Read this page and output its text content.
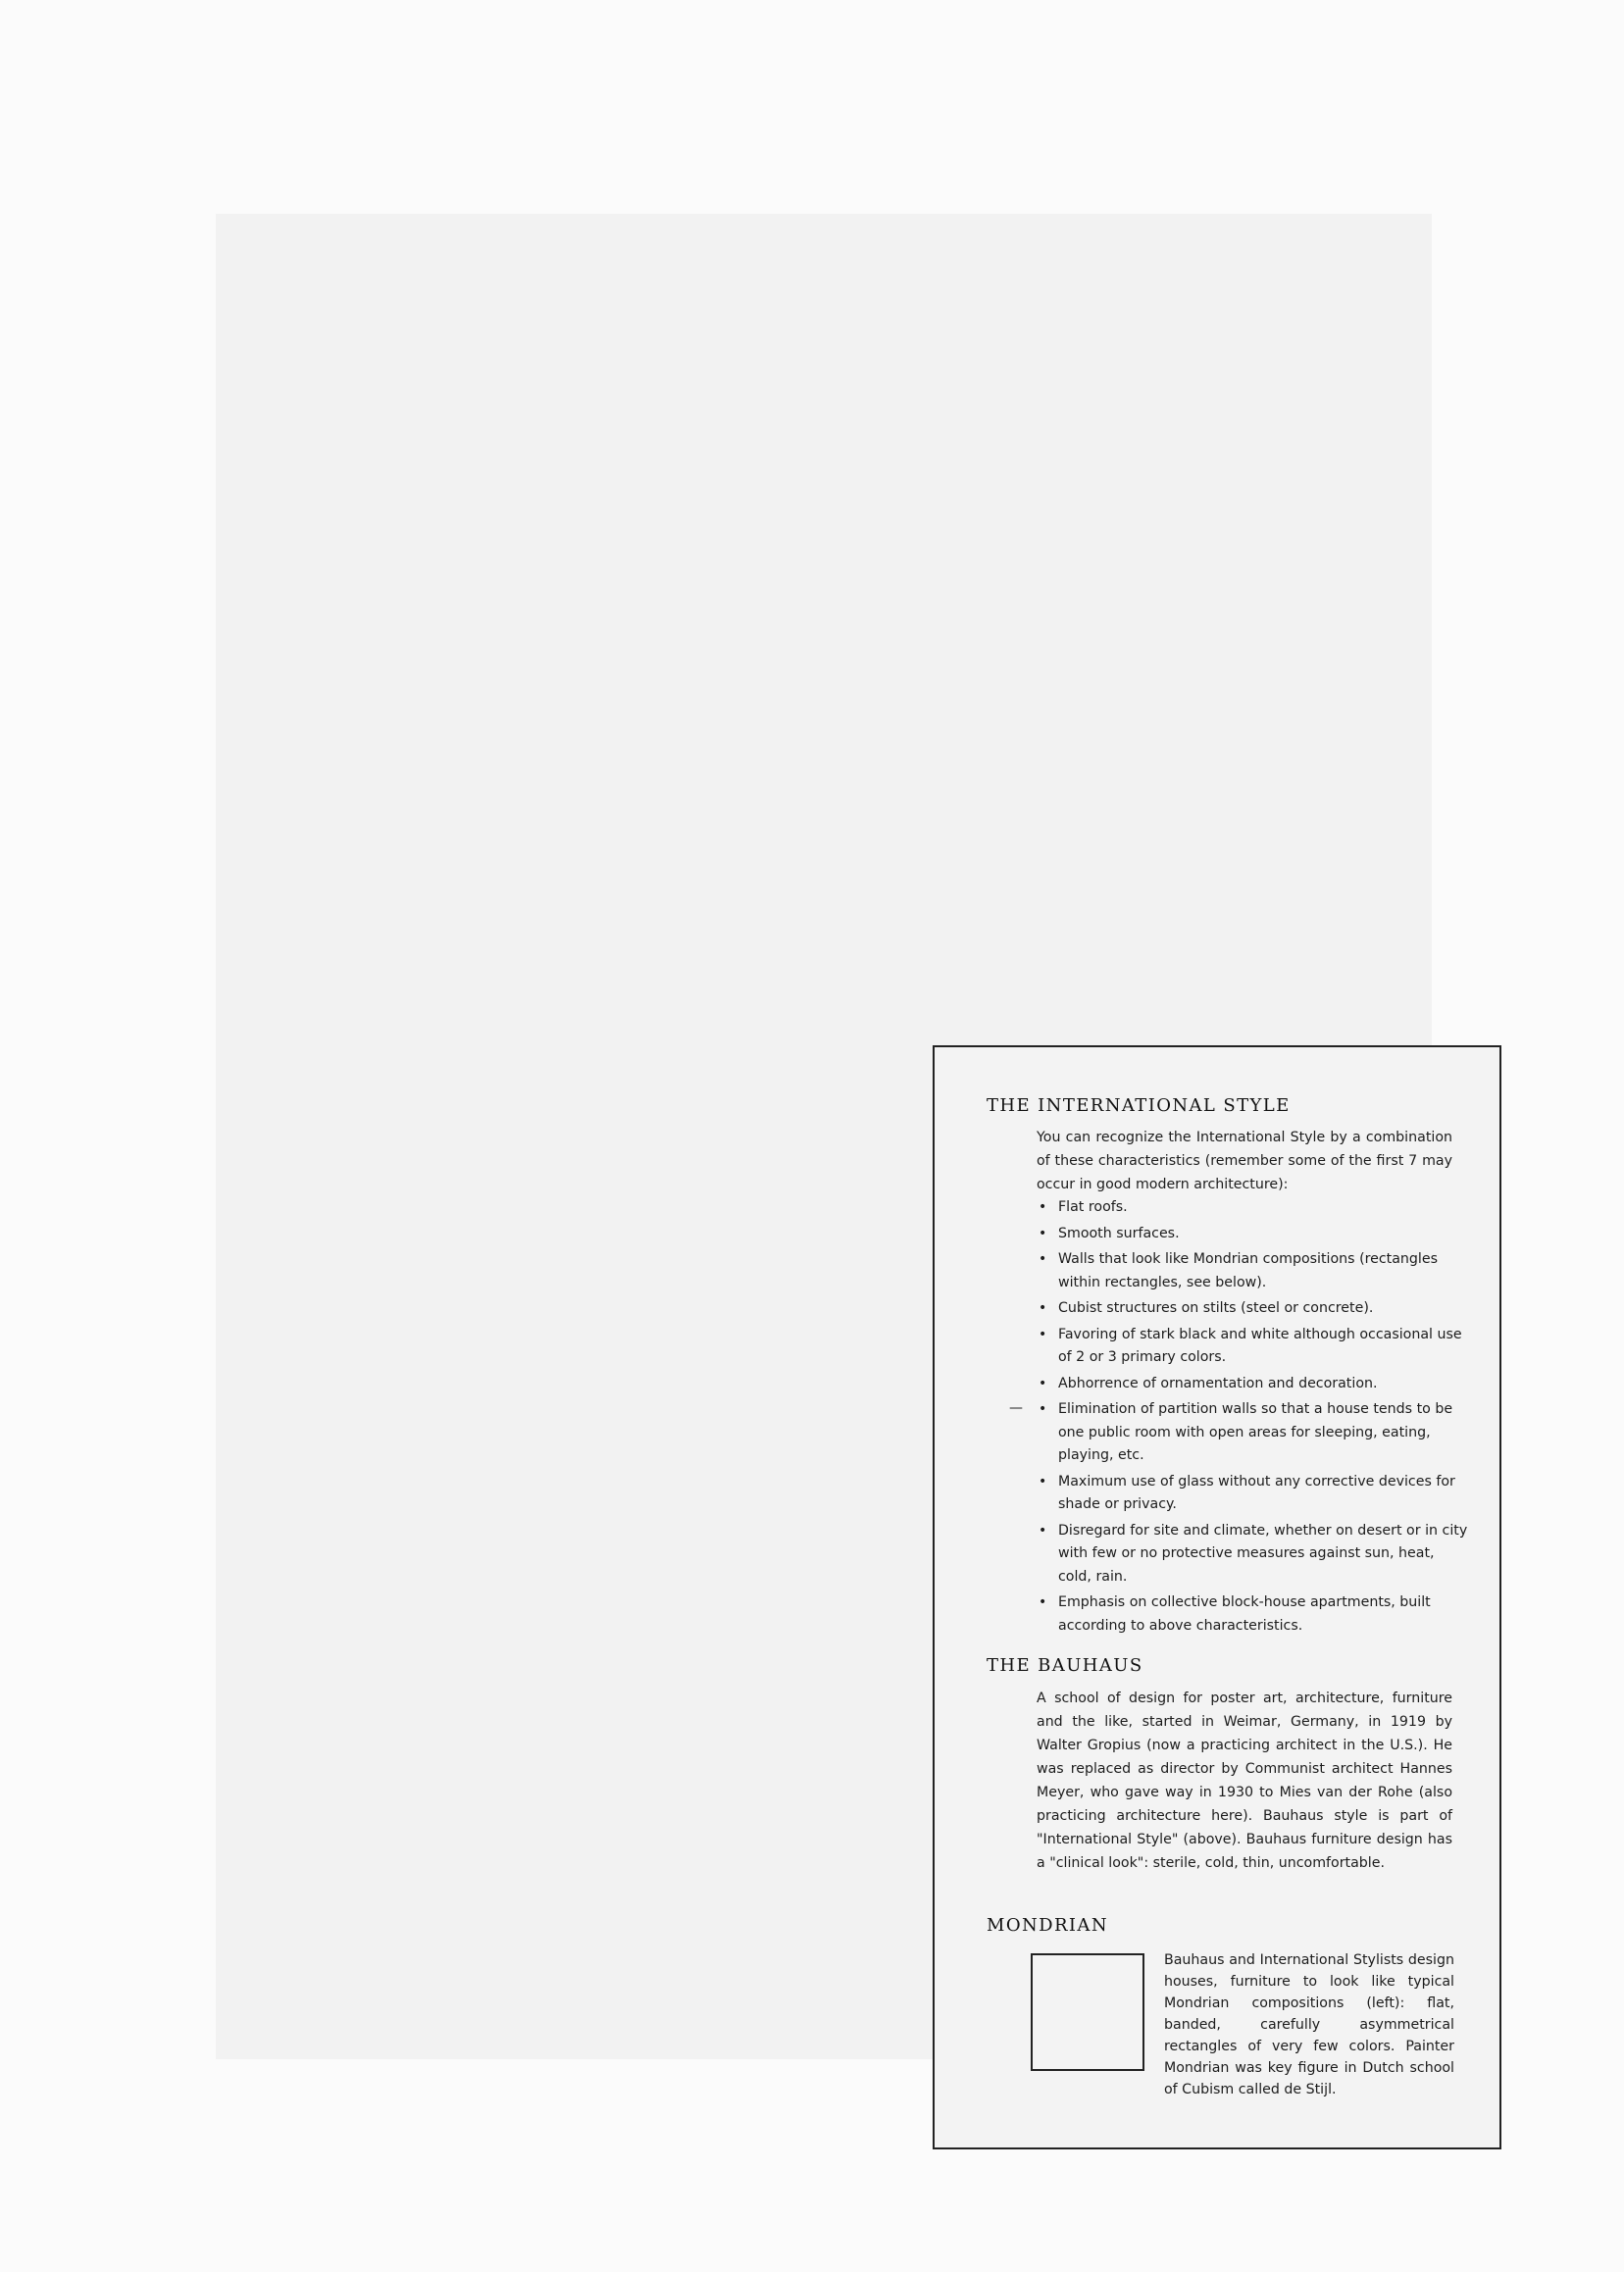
THE INTERNATIONAL STYLE

You can recognize the International Style by a combination of these characteristics (remember some of the first 7 may occur in good modern architecture):

• Flat roofs.
• Smooth surfaces.
• Walls that look like Mondrian compositions (rectangles within rectangles, see below).
• Cubist structures on stilts (steel or concrete).
• Favoring of stark black and white although occasional use of 2 or 3 primary colors.
• Abhorrence of ornamentation and decoration.
— • Elimination of partition walls so that a house tends to be one public room with open areas for sleeping, eating, playing, etc.
• Maximum use of glass without any corrective devices for shade or privacy.
• Disregard for site and climate, whether on desert or in city with few or no protective measures against sun, heat, cold, rain.
• Emphasis on collective block-house apartments, built according to above characteristics.
THE BAUHAUS

A school of design for poster art, architecture, furniture and the like, started in Weimar, Germany, in 1919 by Walter Gropius (now a practicing architect in the U.S.). He was replaced as director by Communist architect Hannes Meyer, who gave way in 1930 to Mies van der Rohe (also practicing architecture here). Bauhaus style is part of "International Style" (above). Bauhaus furniture design has a "clinical look": sterile, cold, thin, uncomfortable.

MONDRIAN

Bauhaus and International Stylists design houses, furniture to look like typical Mondrian compositions (left): flat, banded, carefully asymmetrical rectangles of very few colors. Painter Mondrian was key figure in Dutch school of Cubism called de Stijl.
